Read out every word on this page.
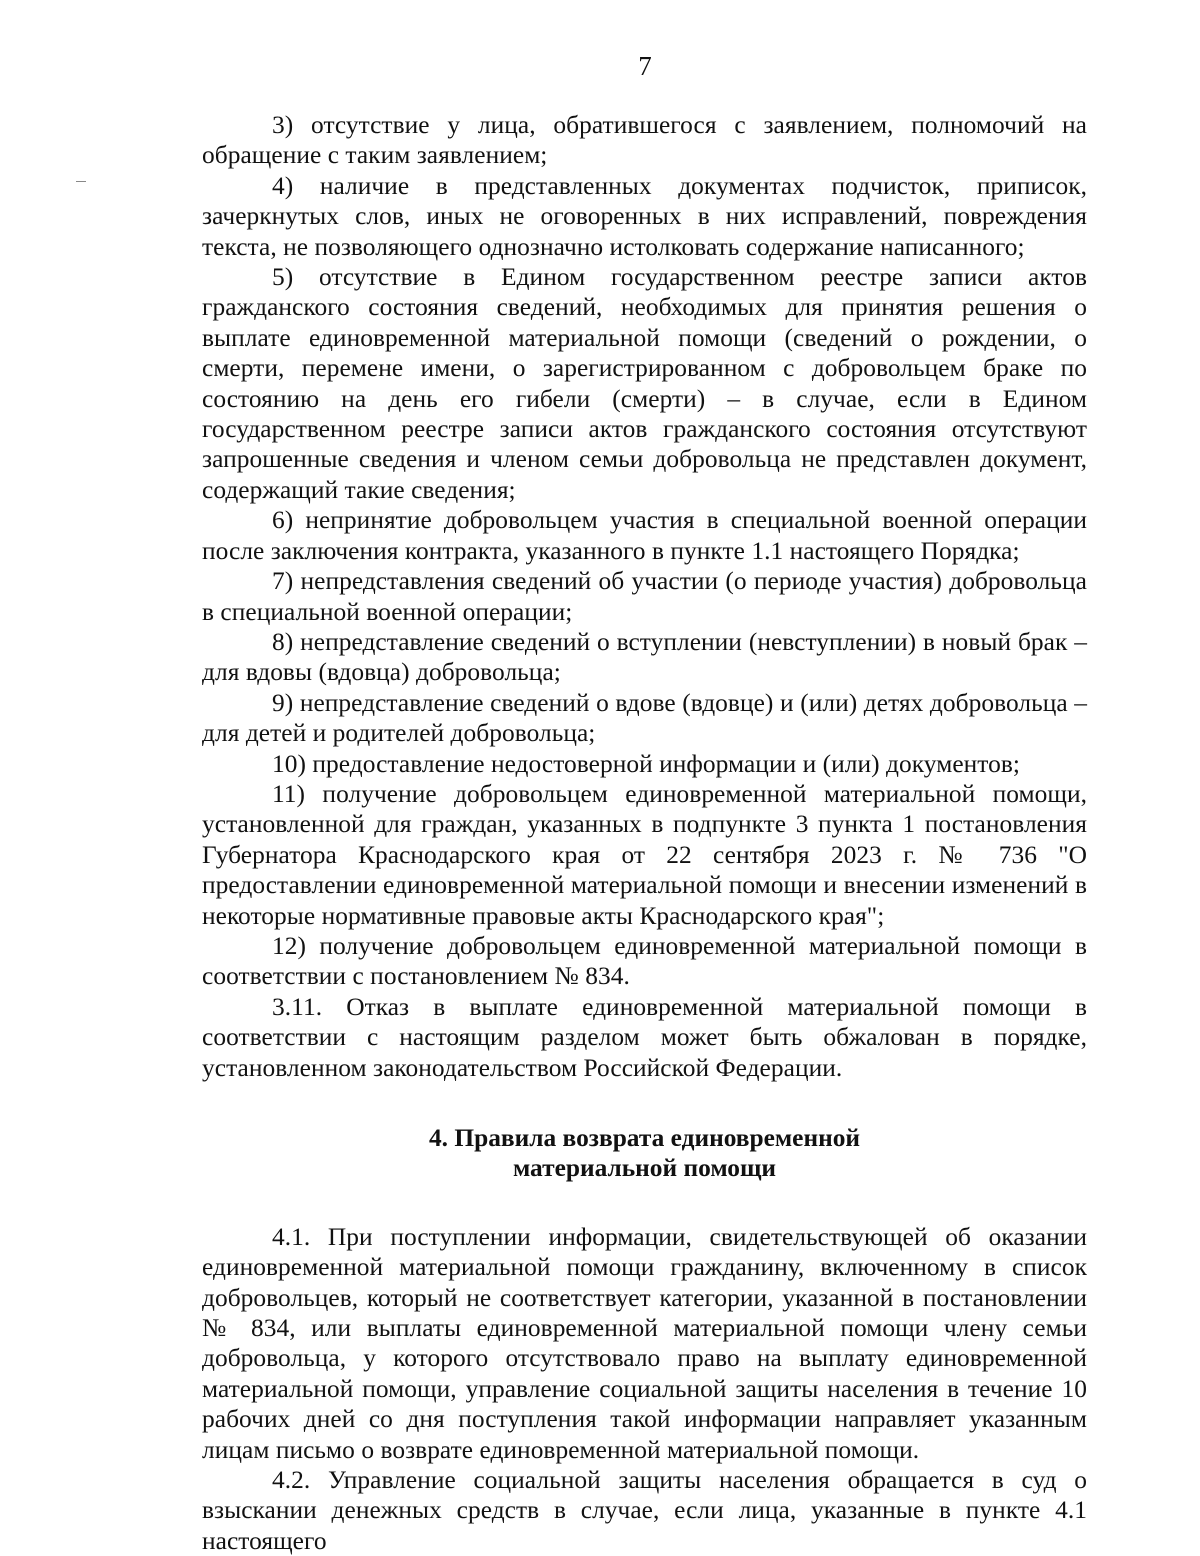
7

3) отсутствие у лица, обратившегося с заявлением, полномочий на обращение с таким заявлением;

4) наличие в представленных документах подчисток, приписок, зачеркнутых слов, иных не оговоренных в них исправлений, повреждения текста, не позволяющего однозначно истолковать содержание написанного;

5) отсутствие в Едином государственном реестре записи актов гражданского состояния сведений, необходимых для принятия решения о выплате единовременной материальной помощи (сведений о рождении, о смерти, перемене имени, о зарегистрированном с добровольцем браке по состоянию на день его гибели (смерти) – в случае, если в Едином государственном реестре записи актов гражданского состояния отсутствуют запрошенные сведения и членом семьи добровольца не представлен документ, содержащий такие сведения;

6) непринятие добровольцем участия в специальной военной операции после заключения контракта, указанного в пункте 1.1 настоящего Порядка;

7) непредставления сведений об участии (о периоде участия) добровольца в специальной военной операции;

8) непредставление сведений о вступлении (невступлении) в новый брак – для вдовы (вдовца) добровольца;

9) непредставление сведений о вдове (вдовце) и (или) детях добровольца – для детей и родителей добровольца;

10) предоставление недостоверной информации и (или) документов;

11) получение добровольцем единовременной материальной помощи, установленной для граждан, указанных в подпункте 3 пункта 1 постановления Губернатора Краснодарского края от 22 сентября 2023 г. № 736 "О предоставлении единовременной материальной помощи и внесении изменений в некоторые нормативные правовые акты Краснодарского края";

12) получение добровольцем единовременной материальной помощи в соответствии с постановлением № 834.

3.11. Отказ в выплате единовременной материальной помощи в соответствии с настоящим разделом может быть обжалован в порядке, установленном законодательством Российской Федерации.

4. Правила возврата единовременной
материальной помощи

4.1. При поступлении информации, свидетельствующей об оказании единовременной материальной помощи гражданину, включенному в список добровольцев, который не соответствует категории, указанной в постановлении № 834, или выплаты единовременной материальной помощи члену семьи добровольца, у которого отсутствовало право на выплату единовременной материальной помощи, управление социальной защиты населения в течение 10 рабочих дней со дня поступления такой информации направляет указанным лицам письмо о возврате единовременной материальной помощи.

4.2. Управление социальной защиты населения обращается в суд о взыскании денежных средств в случае, если лица, указанные в пункте 4.1 настоящего
